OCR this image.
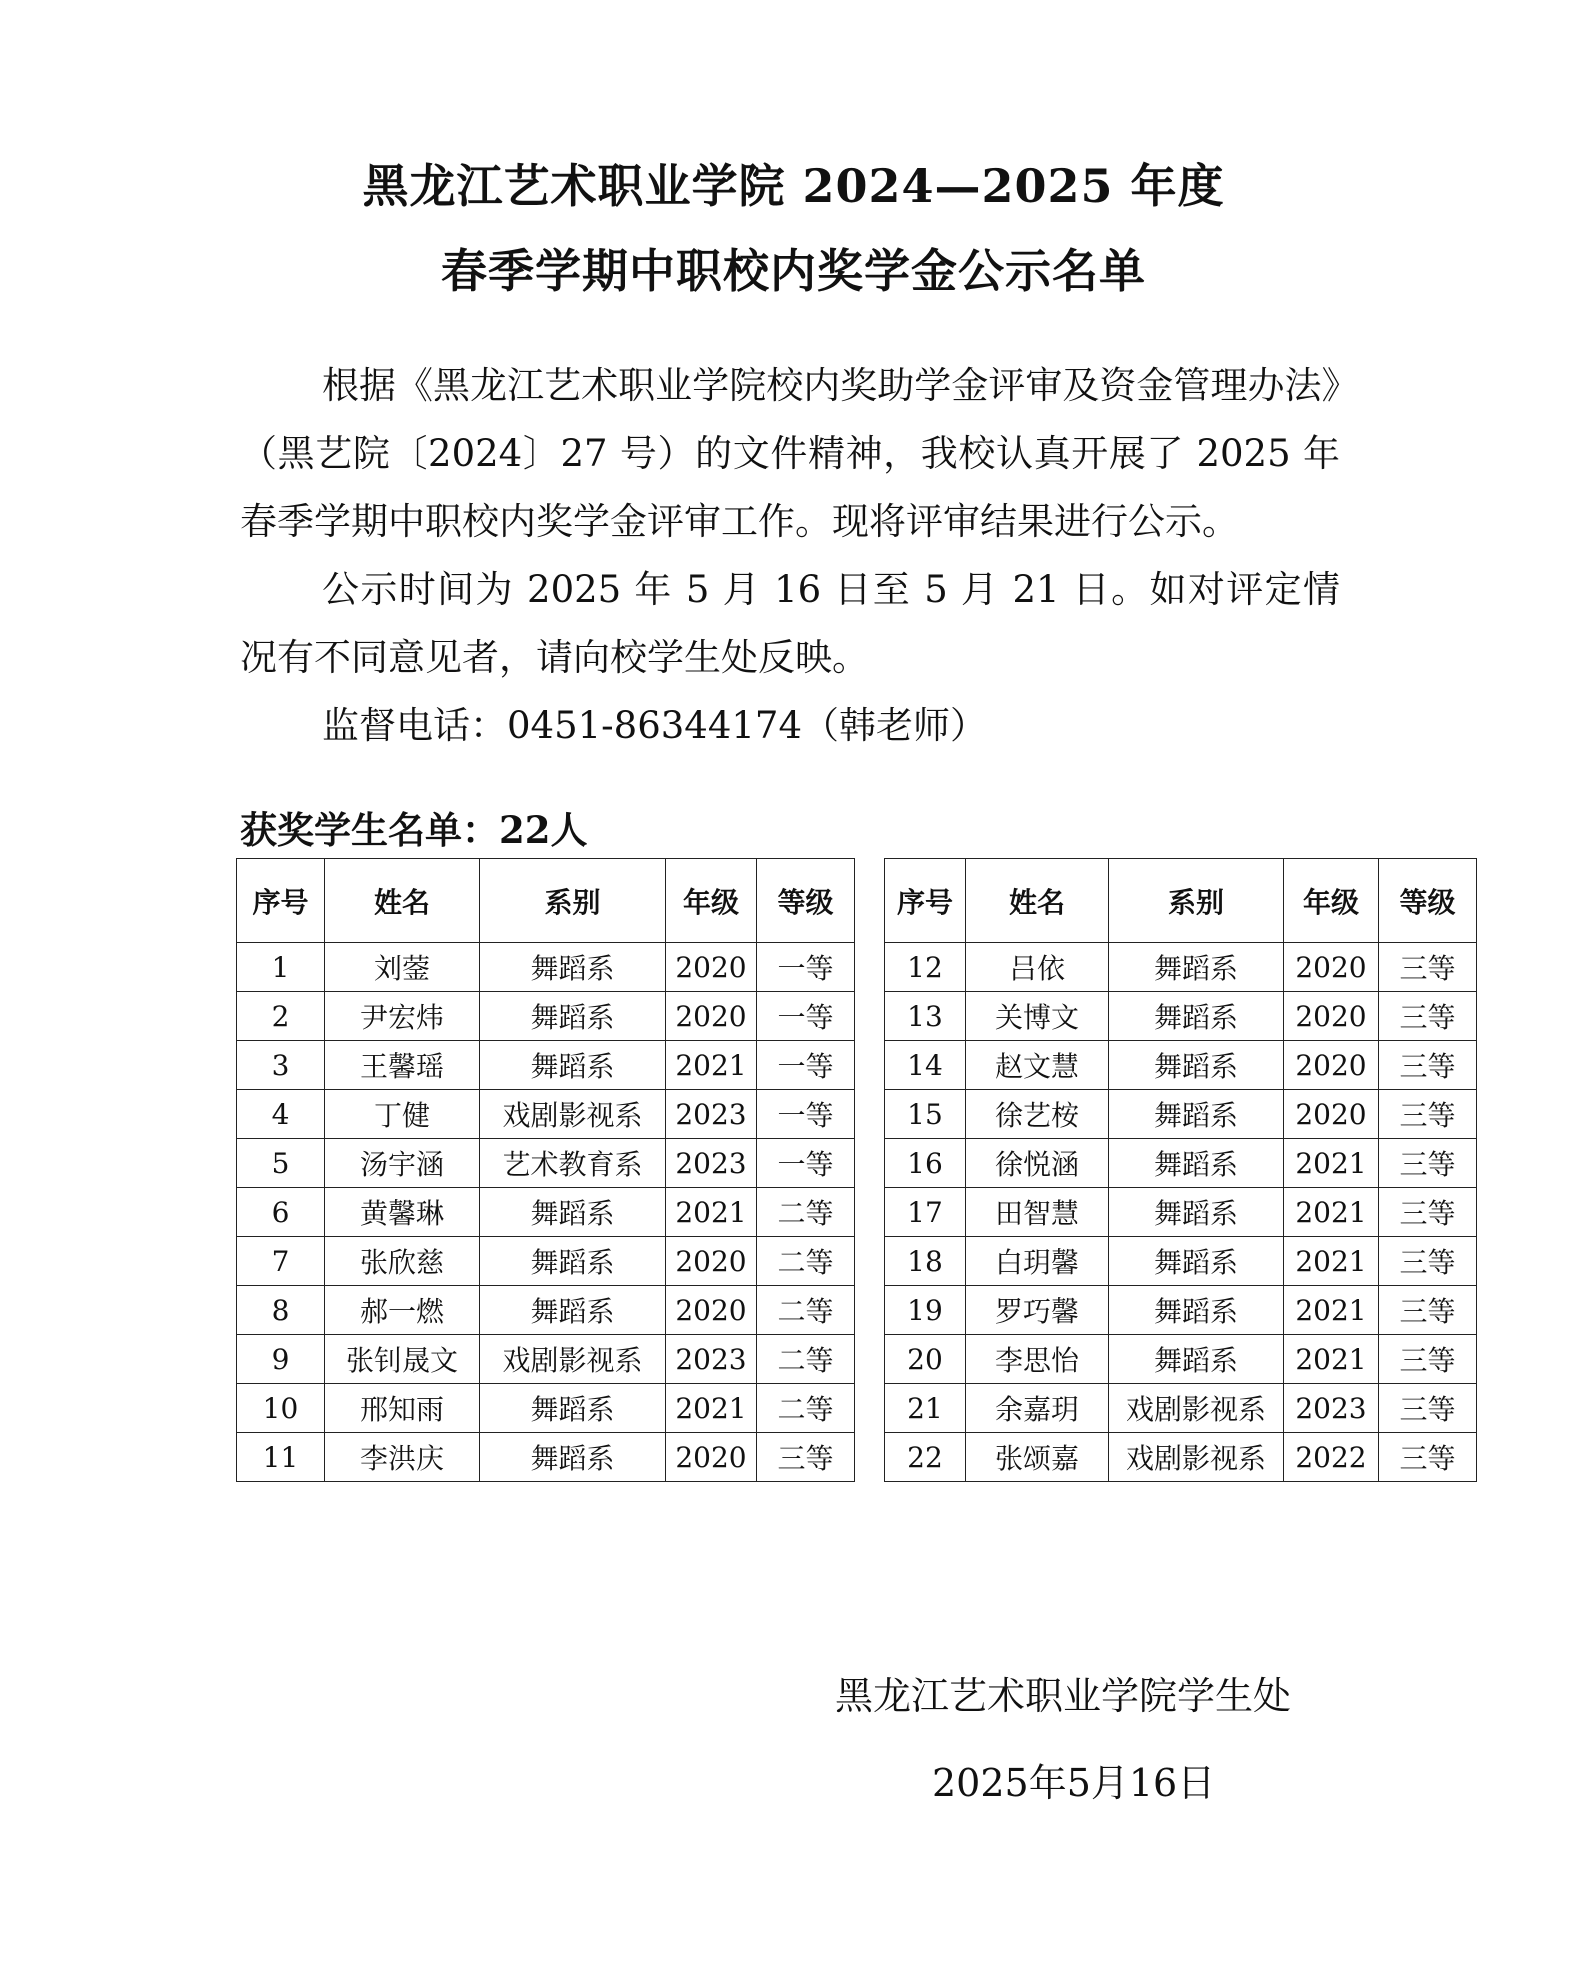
黑龙江艺术职业学院 2024—2025 年度
春季学期中职校内奖学金公示名单

根据《黑龙江艺术职业学院校内奖助学金评审及资金管理办法》（黑艺院〔2024〕27 号）的文件精神，我校认真开展了 2025 年春季学期中职校内奖学金评审工作。现将评审结果进行公示。

公示时间为 2025 年 5 月 16 日至 5 月 21 日。如对评定情况有不同意见者，请向校学生处反映。

监督电话：0451-86344174（韩老师）

获奖学生名单：22人
序号	姓名	系别	年级	等级
1	刘蓥	舞蹈系	2020	一等
2	尹宏炜	舞蹈系	2020	一等
3	王馨瑶	舞蹈系	2021	一等
4	丁健	戏剧影视系	2023	一等
5	汤宇涵	艺术教育系	2023	一等
6	黄馨琳	舞蹈系	2021	二等
7	张欣慈	舞蹈系	2020	二等
8	郝一燃	舞蹈系	2020	二等
9	张钊晟文	戏剧影视系	2023	二等
10	邢知雨	舞蹈系	2021	二等
11	李洪庆	舞蹈系	2020	三等
序号	姓名	系别	年级	等级
12	吕依	舞蹈系	2020	三等
13	关博文	舞蹈系	2020	三等
14	赵文慧	舞蹈系	2020	三等
15	徐艺桉	舞蹈系	2020	三等
16	徐悦涵	舞蹈系	2021	三等
17	田智慧	舞蹈系	2021	三等
18	白玥馨	舞蹈系	2021	三等
19	罗巧馨	舞蹈系	2021	三等
20	李思怡	舞蹈系	2021	三等
21	余嘉玥	戏剧影视系	2023	三等
22	张颂嘉	戏剧影视系	2022	三等

黑龙江艺术职业学院学生处

2025年5月16日
